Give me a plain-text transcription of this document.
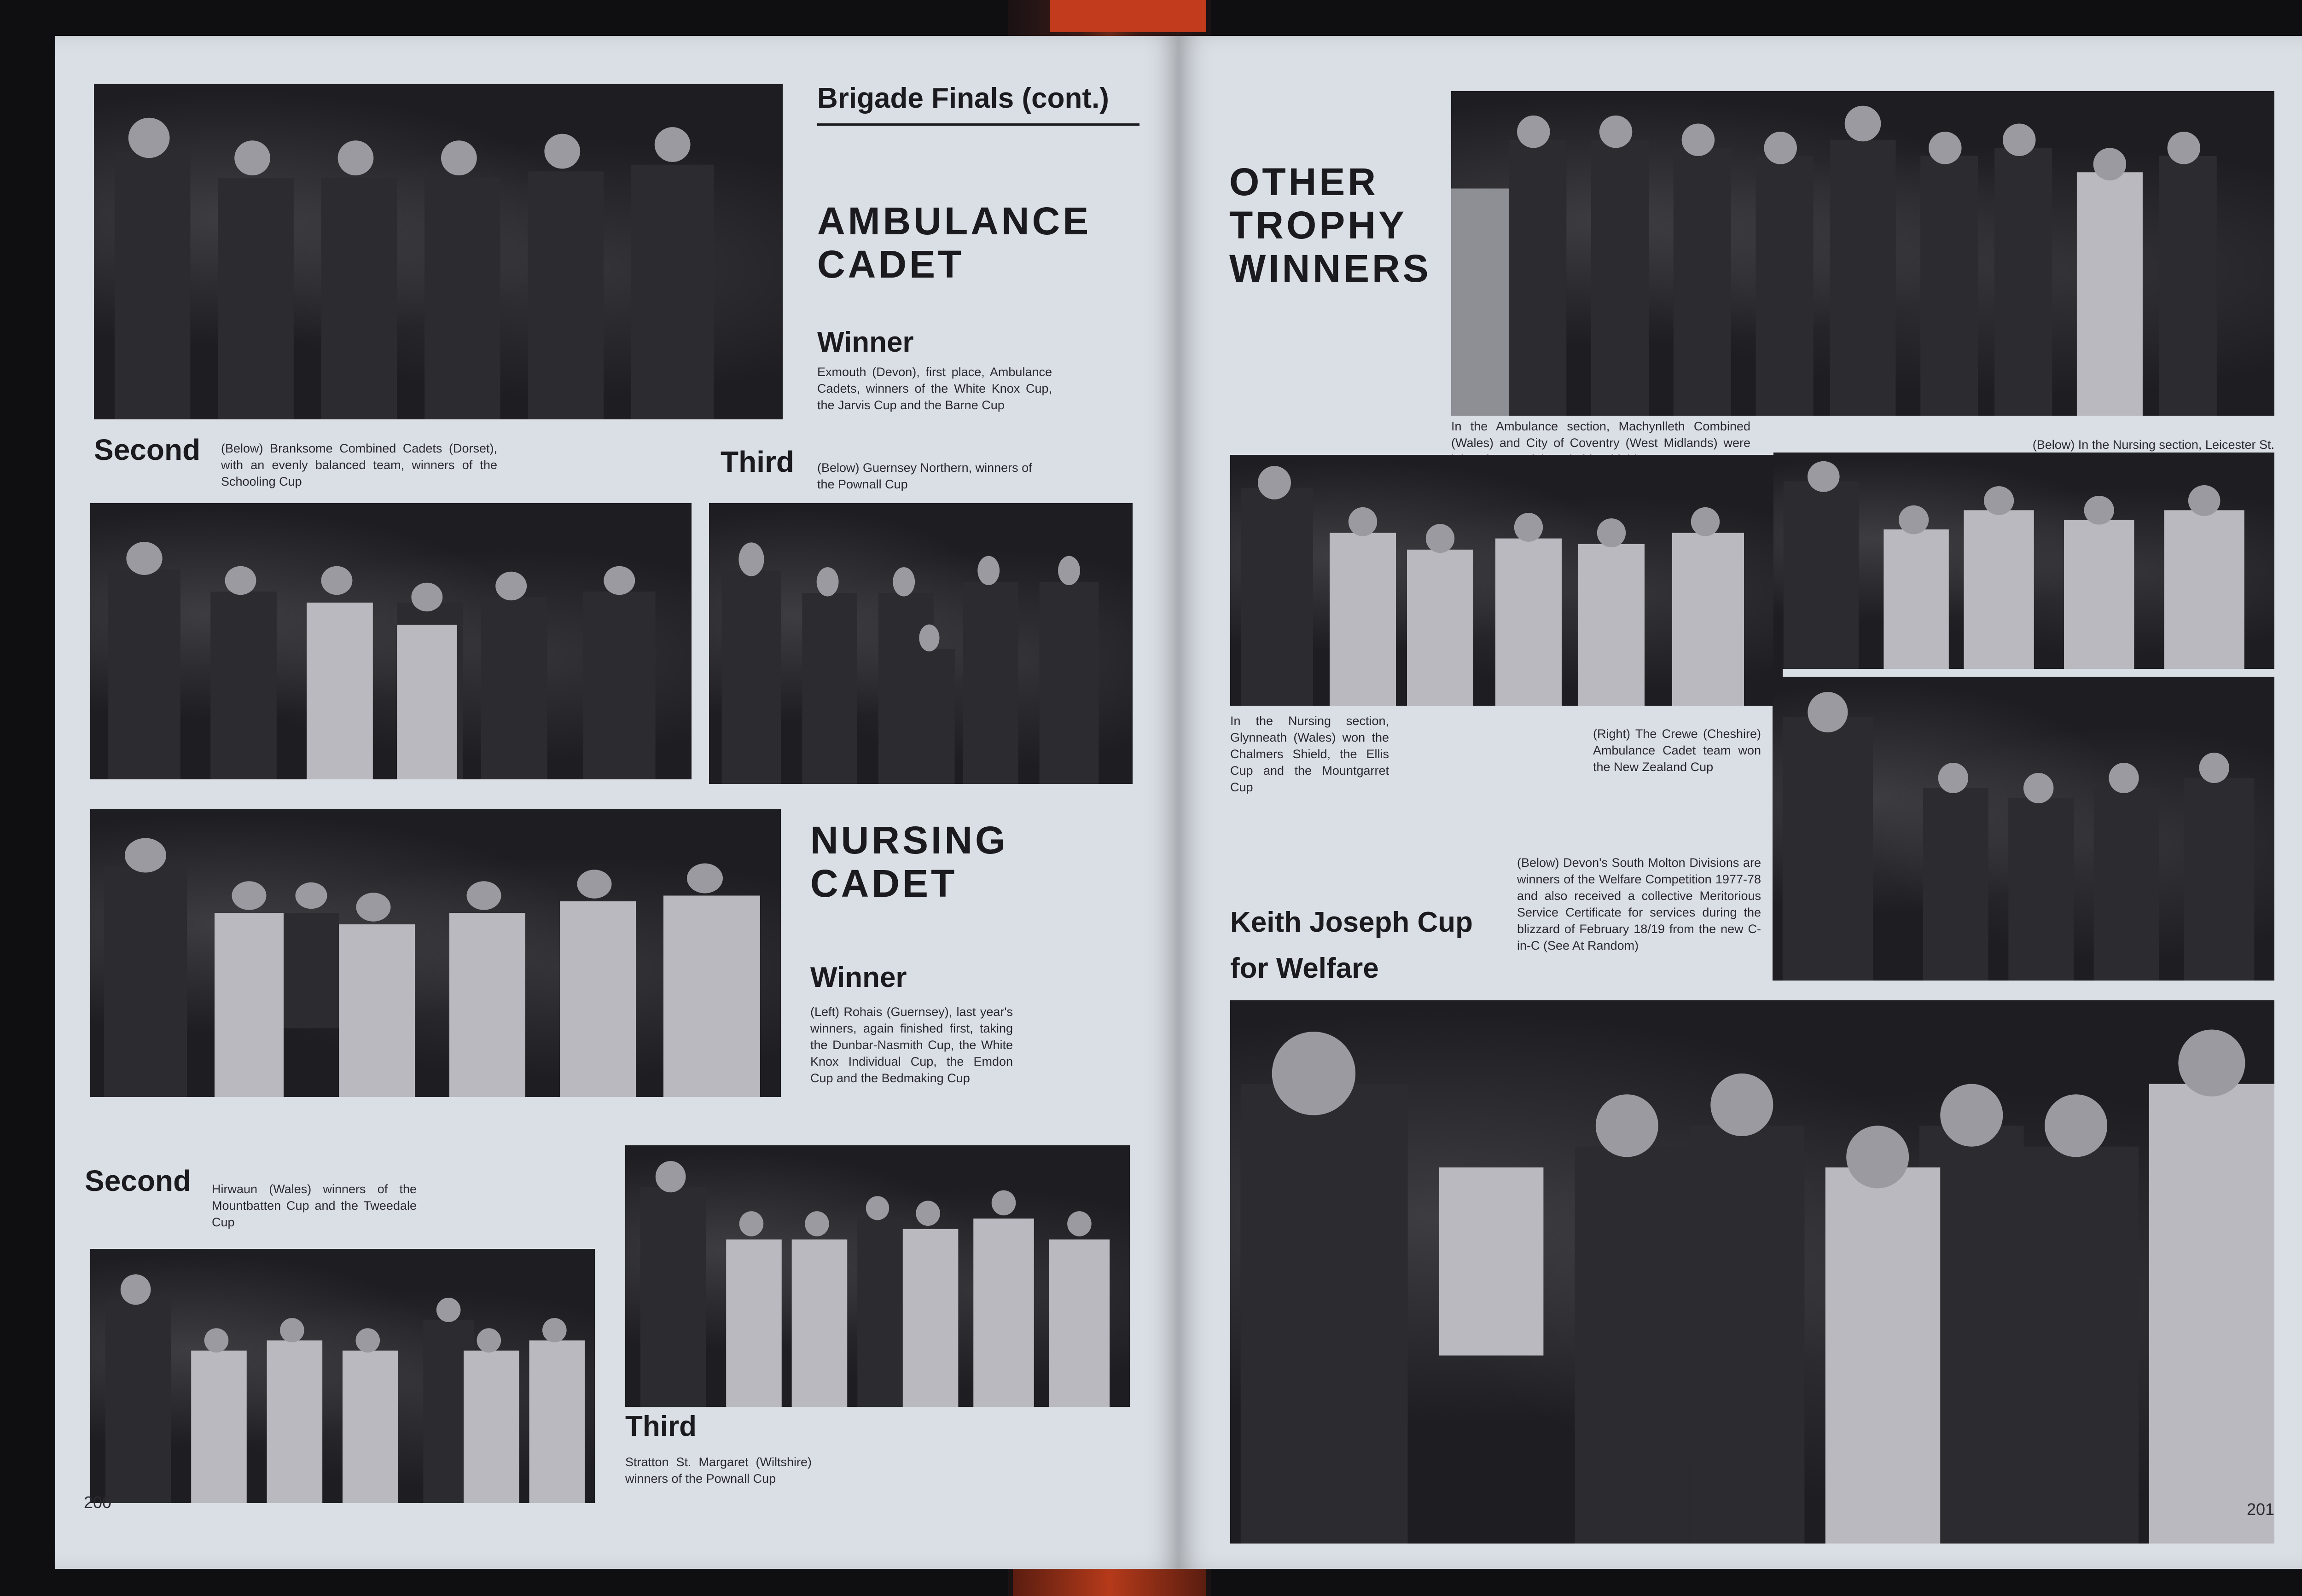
Brigade Finals (cont.)
AMBULANCE CADET
Winner
Exmouth (Devon), first place, Ambulance Cadets, winners of the White Knox Cup, the Jarvis Cup and the Barne Cup
Second (Below) Branksome Combined Cadets (Dorset), with an evenly balanced team, winners of the Schooling Cup
Third (Below) Guernsey Northern, winners of the Pownall Cup
NURSING CADET
Winner
(Left) Rohais (Guernsey), last year's winners, again finished first, taking the Dunbar-Nasmith Cup, the White Knox Individual Cup, the Emdon Cup and the Bedmaking Cup
Second Hirwaun (Wales) winners of the Mountbatten Cup and the Tweedale Cup
Third
Stratton St. Margaret (Wiltshire) winners of the Pownall Cup
200
OTHER TROPHY WINNERS
In the Ambulance section, Machynlleth Combined (Wales) and City of Coventry (West Midlands) were	(Below) In the Nursing section, Leicester St.
In the Nursing section, Glynneath (Wales) won the Chalmers Shield, the Ellis Cup and the Mountgarret Cup
(Right) The Crewe (Cheshire) Ambulance Cadet team won the New Zealand Cup
(Below) Devon's South Molton Divisions are winners of the Welfare Competition 1977-78 and also received a collective Meritorious Service Certificate for services during the blizzard of February 18/19 from the new C-in-C (See At Random)
Keith Joseph Cup
for Welfare
201
